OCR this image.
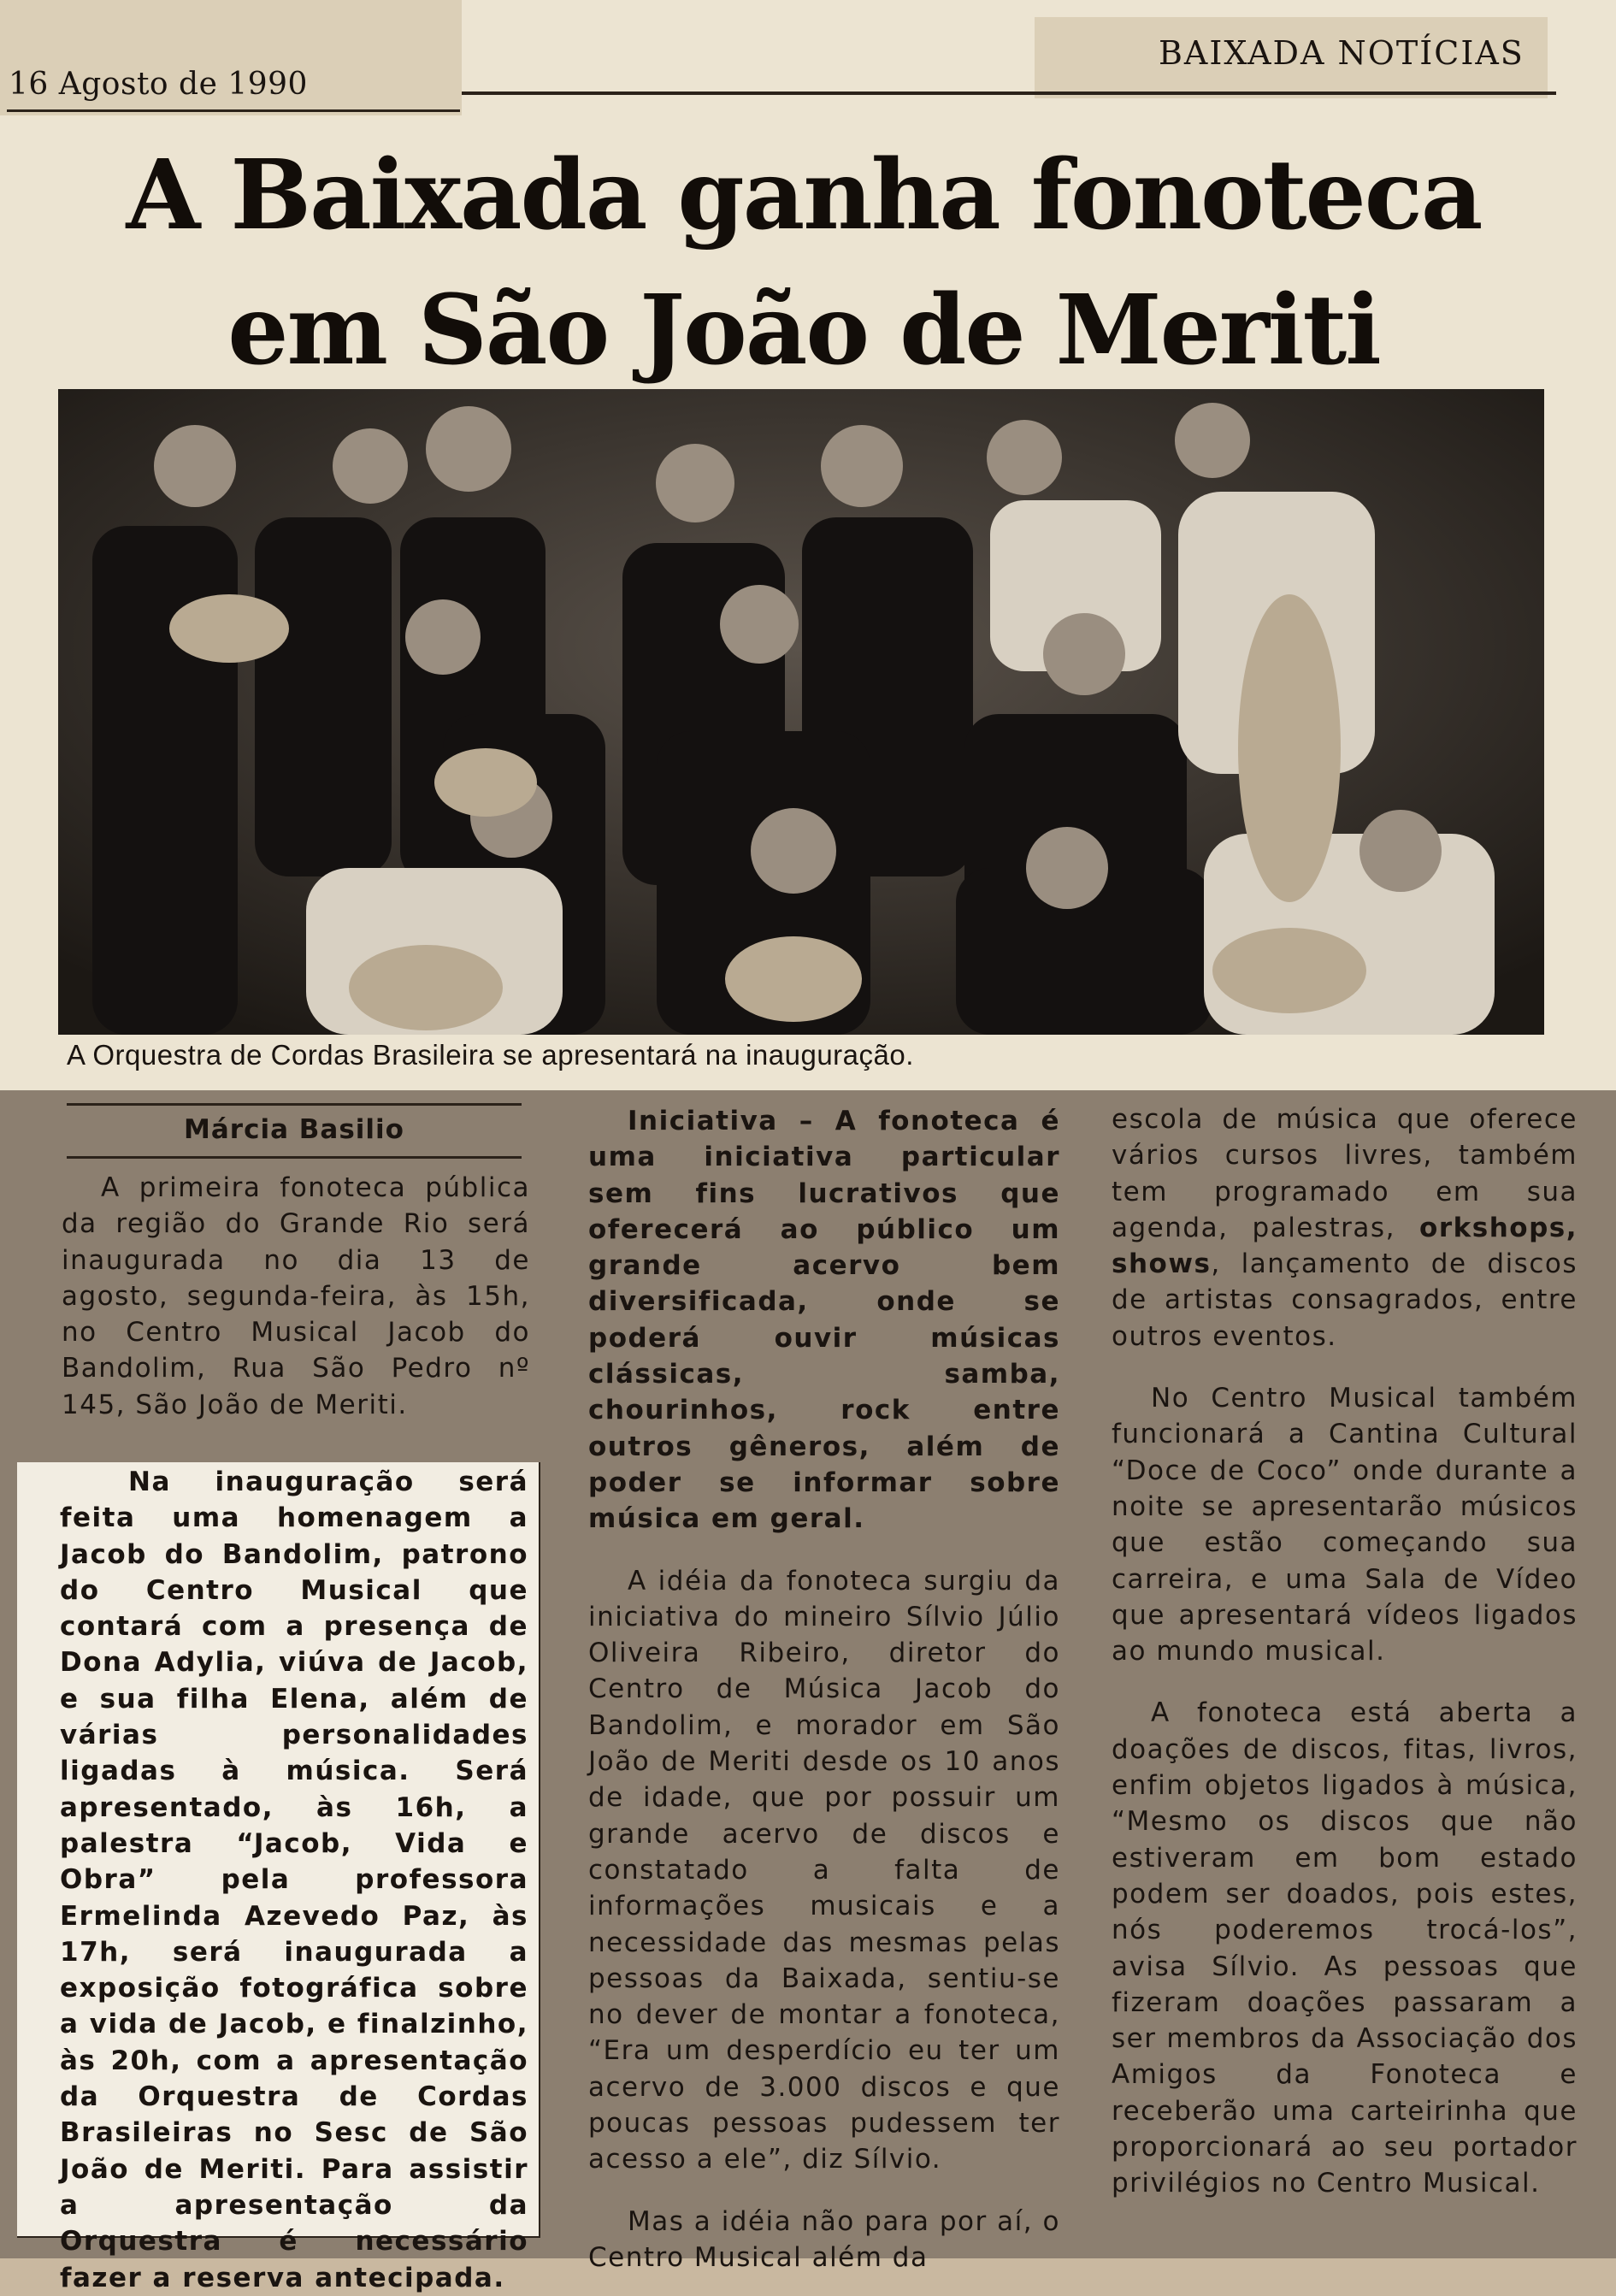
16 Agosto de 1990
BAIXADA NOTÍCIAS
A Baixada ganha fonoteca
em São João de Meriti
A Orquestra de Cordas Brasileira se apresentará na inauguração.
Márcia Basilio

A primeira fonoteca pública da região do Grande Rio será inaugurada no dia 13 de agosto, segunda-feira, às 15h, no Centro Musical Jacob do Bandolim, Rua São Pedro nº 145, São João de Meriti.

Na inauguração será feita uma homenagem a Jacob do Bandolim, patrono do Centro Musical que contará com a presença de Dona Adylia, viúva de Jacob, e sua filha Elena, além de várias personalidades ligadas à música. Será apresentado, às 16h, a palestra “Jacob, Vida e Obra” pela professora Ermelinda Azevedo Paz, às 17h, será inaugurada a exposição fotográfica sobre a vida de Jacob, e finalzinho, às 20h, com a apresentação da Orquestra de Cordas Brasileiras no Sesc de São João de Meriti. Para assistir a apresentação da Orquestra é necessário fazer a reserva antecipada.

Iniciativa – A fonoteca é uma iniciativa particular sem fins lucrativos que oferecerá ao público um grande acervo bem diversificada, onde se poderá ouvir músicas clássicas, samba, chourinhos, rock entre outros gêneros, além de poder se informar sobre música em geral.

A idéia da fonoteca surgiu da iniciativa do mineiro Sílvio Júlio Oliveira Ribeiro, diretor do Centro de Música Jacob do Bandolim, e morador em São João de Meriti desde os 10 anos de idade, que por possuir um grande acervo de discos e constatado a falta de informações musicais e a necessidade das mesmas pelas pessoas da Baixada, sentiu-se no dever de montar a fonoteca, “Era um desperdício eu ter um acervo de 3.000 discos e que poucas pessoas pudessem ter acesso a ele”, diz Sílvio.

Mas a idéia não para por aí, o Centro Musical além da

escola de música que oferece vários cursos livres, também tem programado em sua agenda, palestras, orkshops, shows, lançamento de discos de artistas consagrados, entre outros eventos.

No Centro Musical também funcionará a Cantina Cultural “Doce de Coco” onde durante a noite se apresentarão músicos que estão começando sua carreira, e uma Sala de Vídeo que apresentará vídeos ligados ao mundo musical.

A fonoteca está aberta a doações de discos, fitas, livros, enfim objetos ligados à música, “Mesmo os discos que não estiveram em bom estado podem ser doados, pois estes, nós poderemos trocá-los”, avisa Sílvio. As pessoas que fizeram doações passaram a ser membros da Associação dos Amigos da Fonoteca e receberão uma carteirinha que proporcionará ao seu portador privilégios no Centro Musical.
